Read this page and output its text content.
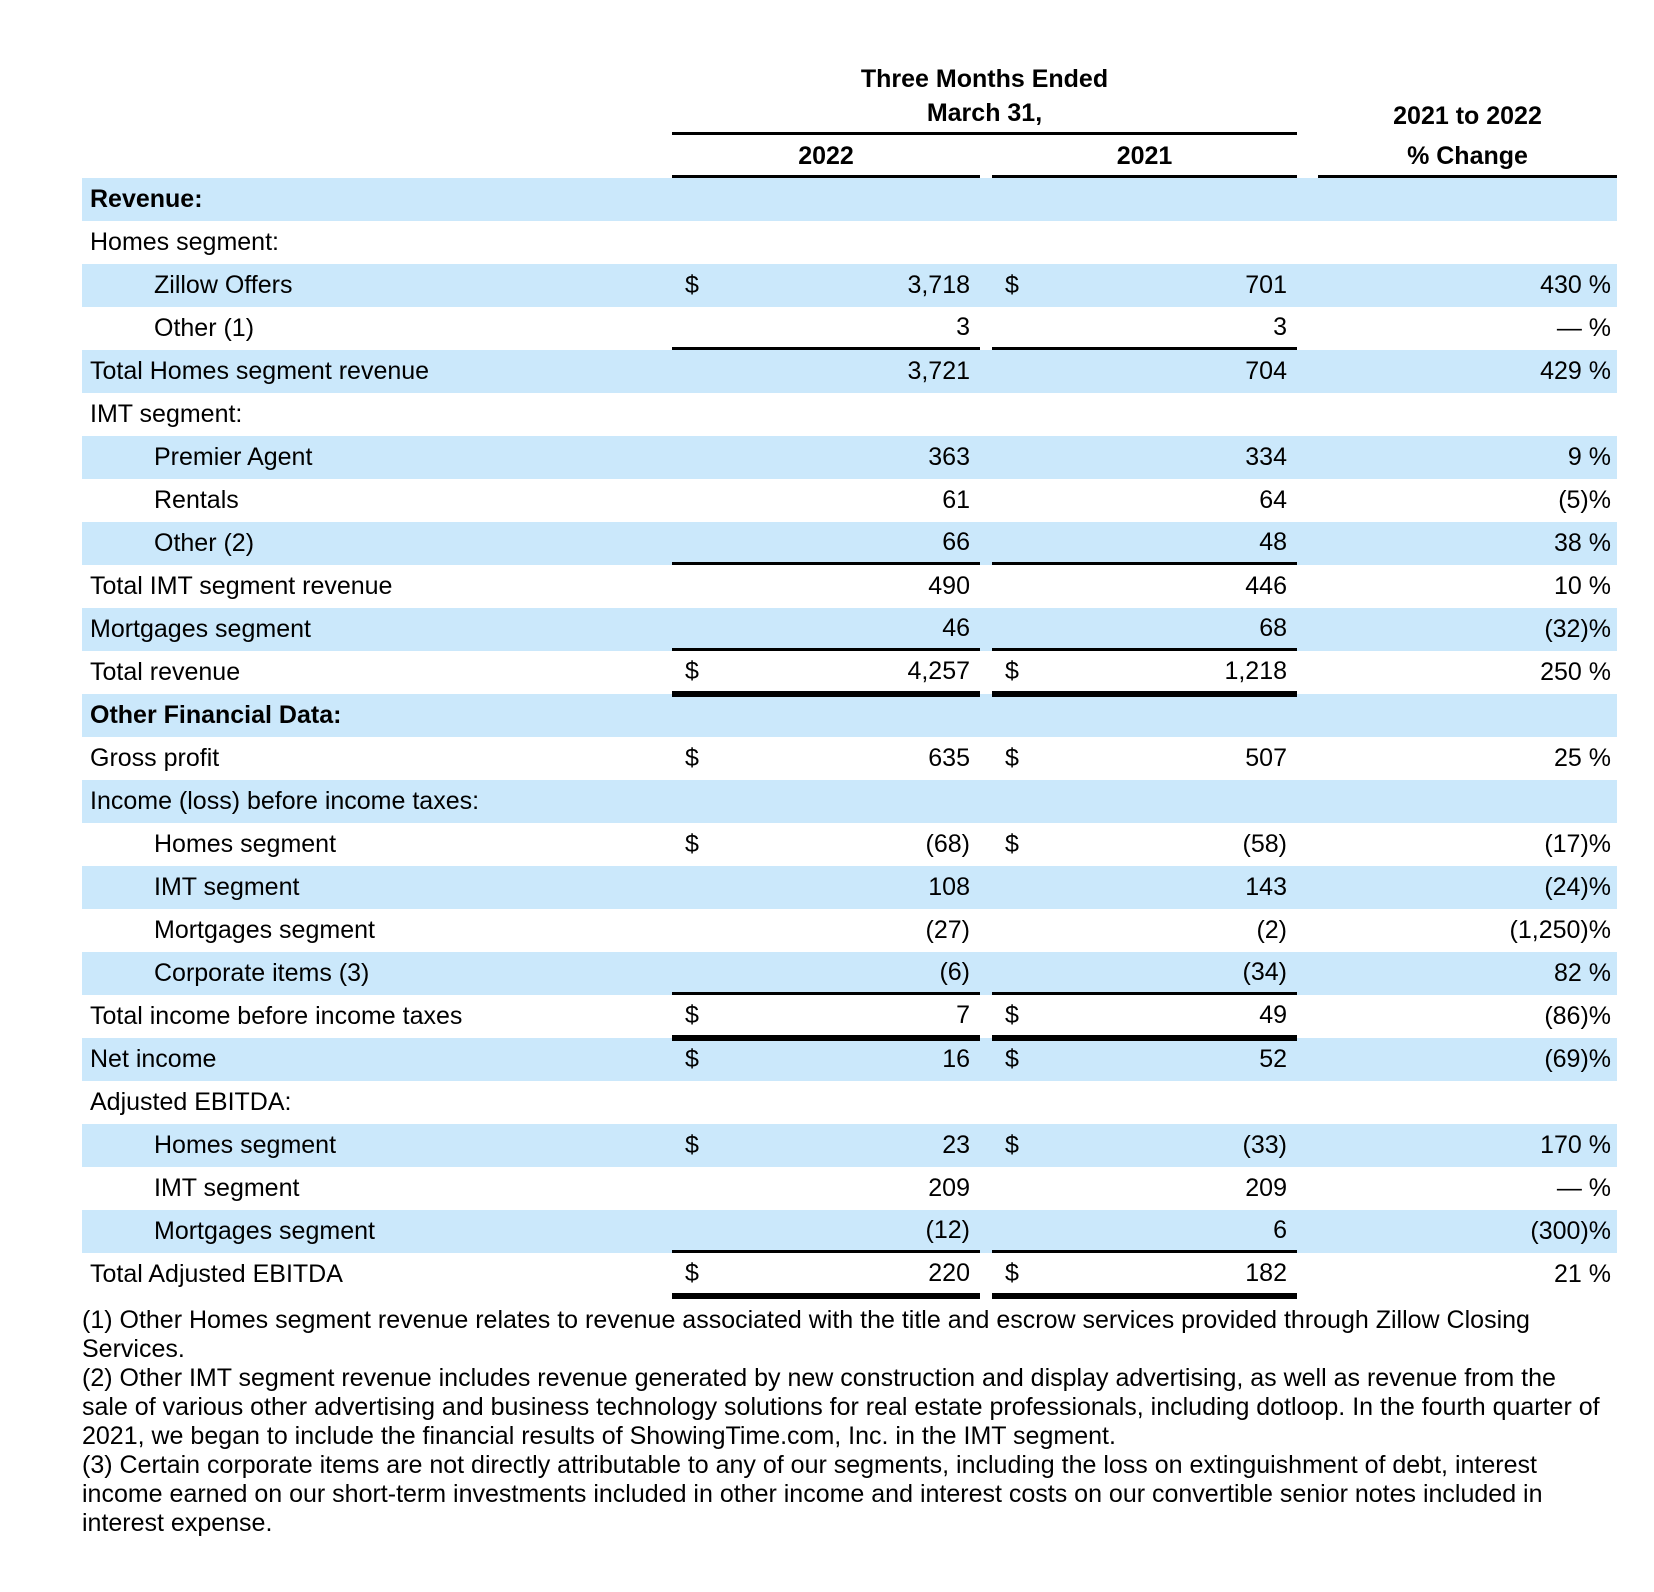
Three Months Ended
March 31,	2021 to 2022
2022	2021	% Change
Revenue:
Homes segment:
Zillow Offers	$	3,718 $	701	430 %
Other (1)	3	3	— %
Total Homes segment revenue	3,721	704	429 %
IMT segment:
Premier Agent	363	334	9 %
Rentals	61	64	(5)%
Other (2)	66	48	38 %
Total IMT segment revenue	490	446	10 %
Mortgages segment	46	68	(32)%
Total revenue	$	4,257 $	1,218	250 %
Other Financial Data:
Gross profit	$	635 $	507	25 %
Income (loss) before income taxes:
Homes segment	$	(68) $	(58)	(17)%
IMT segment	108	143	(24)%
Mortgages segment	(27)	(2)	(1,250)%
Corporate items (3)	(6)	(34)	82 %
Total income before income taxes	$	7 $	49	(86)%
Net income	$	16 $	52	(69)%
Adjusted EBITDA:
Homes segment	$	23 $	(33)	170 %
IMT segment	209	209	— %
Mortgages segment	(12)	6	(300)%
Total Adjusted EBITDA	$	220 $	182	21 %

(1) Other Homes segment revenue relates to revenue associated with the title and escrow services provided through Zillow Closing Services.

(2) Other IMT segment revenue includes revenue generated by new construction and display advertising, as well as revenue from the sale of various other advertising and business technology solutions for real estate professionals, including dotloop. In the fourth quarter of 2021, we began to include the financial results of ShowingTime.com, Inc. in the IMT segment.

(3) Certain corporate items are not directly attributable to any of our segments, including the loss on extinguishment of debt, interest income earned on our short-term investments included in other income and interest costs on our convertible senior notes included in interest expense.
